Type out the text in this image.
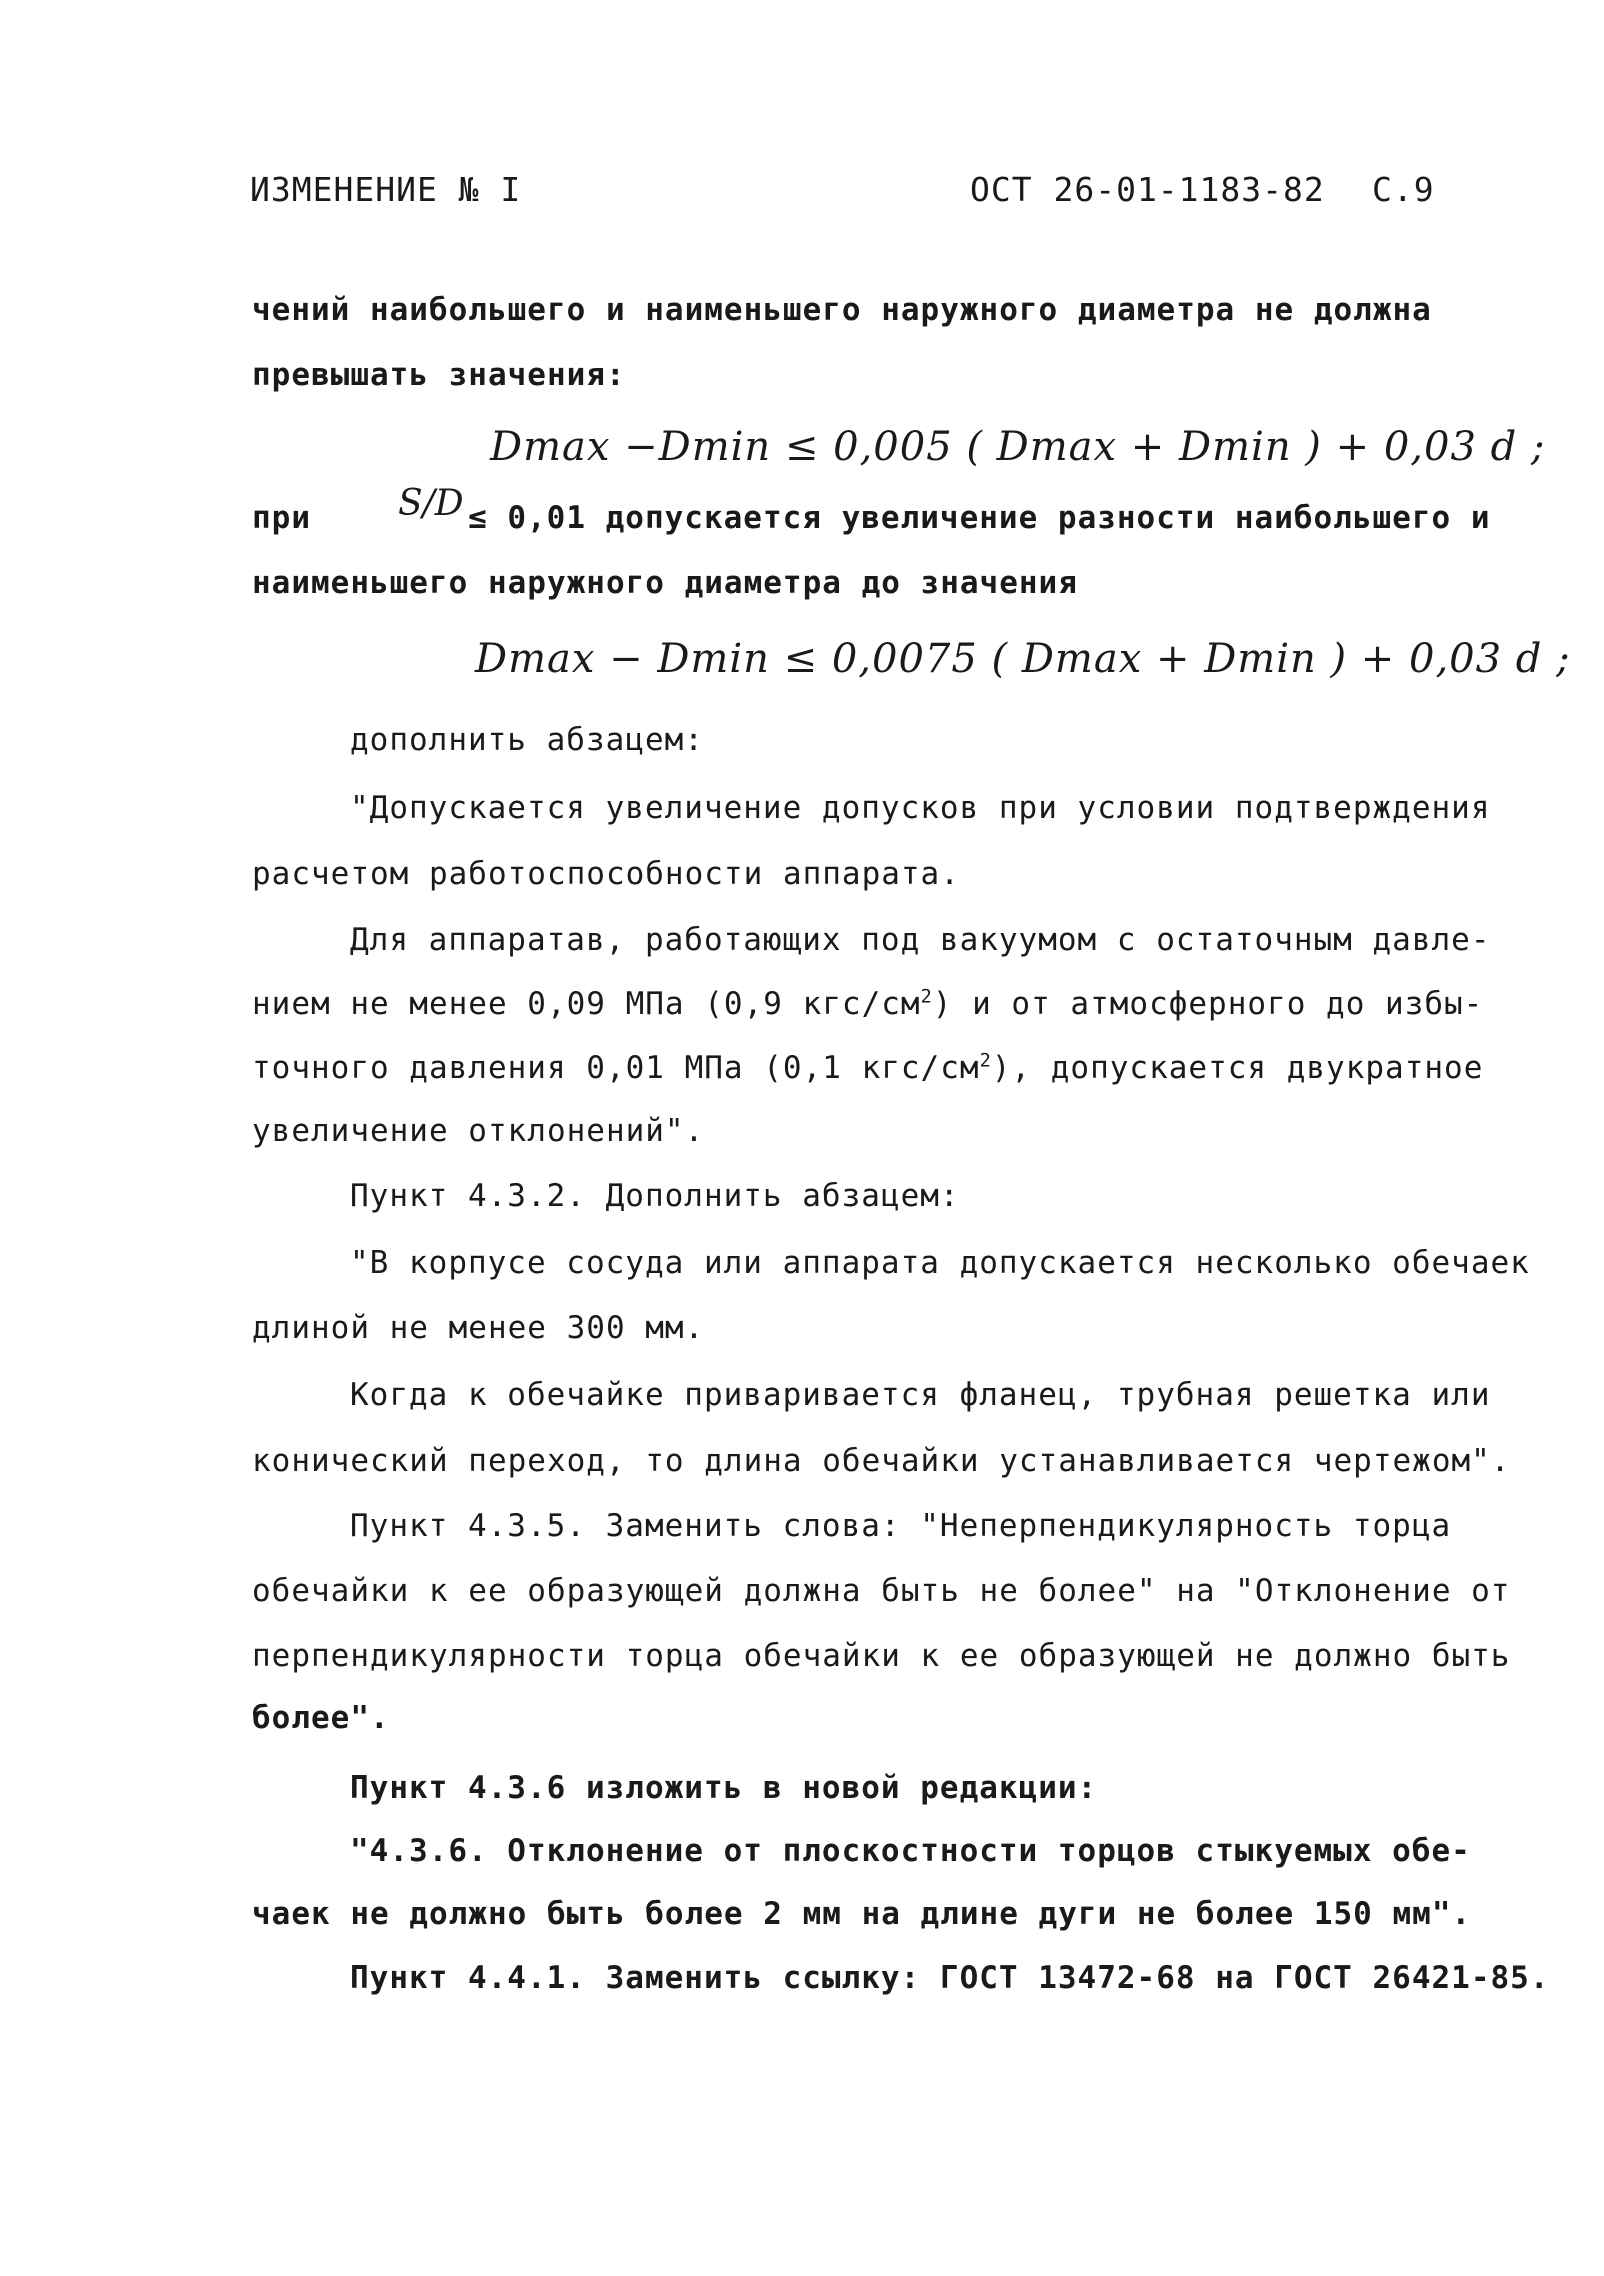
ИЗМЕНЕНИЕ № I	ОСТ 26-01-1183-82 С.9
чений наибольшего и наименьшего наружного диаметра не должна
превышать значения:
Dmax −Dmin ≤ 0,005 ( Dmax + Dmin ) + 0,03 d ;
при S/D ≤ 0,01 допускается увеличение разности наибольшего и
наименьшего наружного диаметра до значения
Dmax − Dmin ≤ 0,0075 ( Dmax + Dmin ) + 0,03 d ;
дополнить абзацем:
"Допускается увеличение допусков при условии подтверждения
расчетом работоспособности аппарата.
Для аппаратав, работающих под вакуумом с остаточным давле-
нием не менее 0,09 МПа (0,9 кгс/$см^2$) и от атмосферного до избы-
точного давления 0,01 МПа (0,1 кгс/$см^2$), допускается двукратное
увеличение отклонений".
Пункт 4.3.2. Дополнить абзацем:
"В корпусе сосуда или аппарата допускается несколько обечаек
длиной не менее 300 мм.
Когда к обечайке приваривается фланец, трубная решетка или
конический переход, то длина обечайки устанавливается чертежом".
Пункт 4.3.5. Заменить слова: "Неперпендикулярность торца
обечайки к ее образующей должна быть не более" на "Отклонение от
перпендикулярности торца обечайки к ее образующей не должно быть
более".
Пункт 4.3.6 изложить в новой редакции:
"4.3.6. Отклонение от плоскостности торцов стыкуемых обе-
чаек не должно быть более 2 мм на длине дуги не более 150 мм".
Пункт 4.4.1. Заменить ссылку: ГОСТ 13472-68 на ГОСТ 26421-85.
